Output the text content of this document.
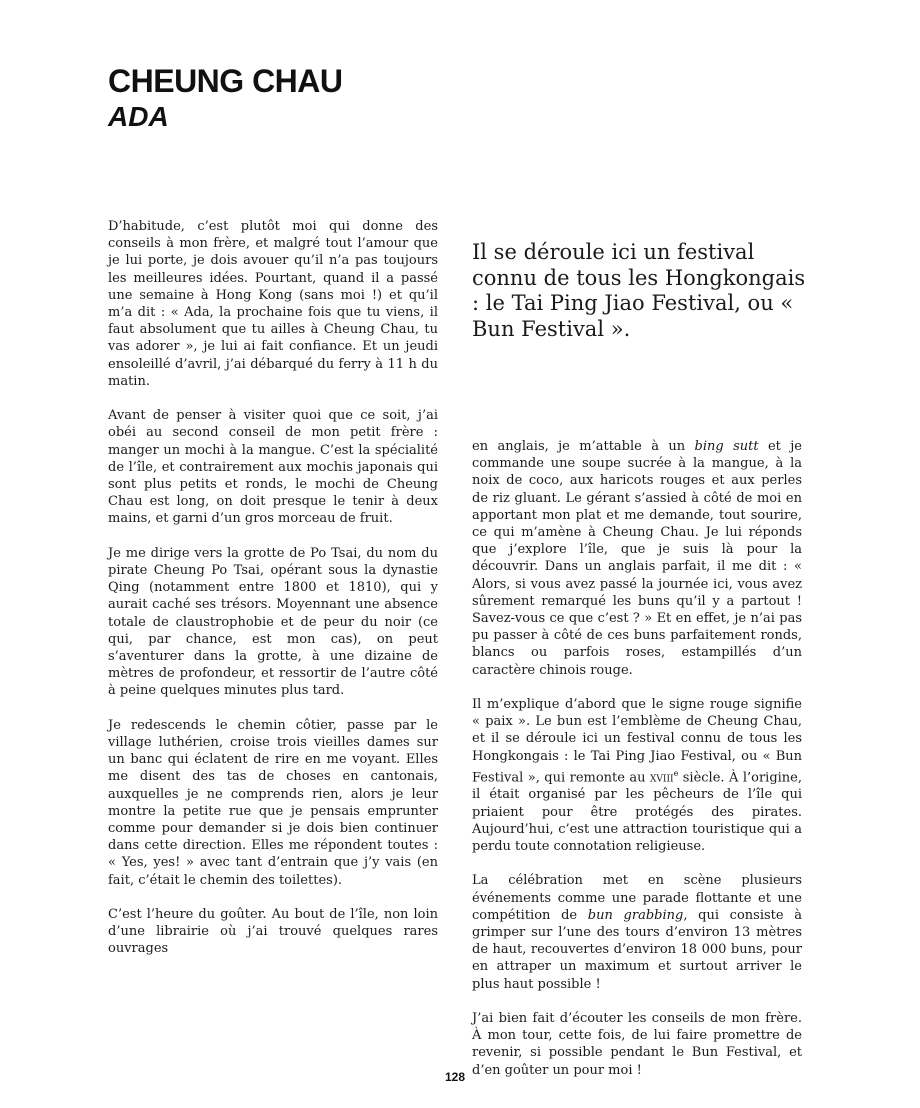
CHEUNG CHAU
ADA

D’habitude, c’est plutôt moi qui donne des conseils à mon frère, et malgré tout l’amour que je lui porte, je dois avouer qu’il n’a pas toujours les meilleures idées. Pourtant, quand il a passé une semaine à Hong Kong (sans moi !) et qu’il m’a dit : « Ada, la prochaine fois que tu viens, il faut absolument que tu ailles à Cheung Chau, tu vas adorer », je lui ai fait confiance. Et un jeudi ensoleillé d’avril, j’ai débarqué du ferry à 11 h du matin.

Avant de penser à visiter quoi que ce soit, j’ai obéi au second conseil de mon petit frère : manger un mochi à la mangue. C’est la spécialité de l’île, et contrairement aux mochis japonais qui sont plus petits et ronds, le mochi de Cheung Chau est long, on doit presque le tenir à deux mains, et garni d’un gros morceau de fruit.

Je me dirige vers la grotte de Po Tsai, du nom du pirate Cheung Po Tsai, opérant sous la dynastie Qing (notamment entre 1800 et 1810), qui y aurait caché ses trésors. Moyennant une absence totale de claustrophobie et de peur du noir (ce qui, par chance, est mon cas), on peut s’aventurer dans la grotte, à une dizaine de mètres de profondeur, et ressortir de l’autre côté à peine quelques minutes plus tard.

Je redescends le chemin côtier, passe par le village luthérien, croise trois vieilles dames sur un banc qui éclatent de rire en me voyant. Elles me disent des tas de choses en cantonais, auxquelles je ne comprends rien, alors je leur montre la petite rue que je pensais emprunter comme pour demander si je dois bien continuer dans cette direction. Elles me répondent toutes : « Yes, yes! » avec tant d’entrain que j’y vais (en fait, c’était le chemin des toilettes).

C’est l’heure du goûter. Au bout de l’île, non loin d’une librairie où j’ai trouvé quelques rares ouvrages

Il se déroule ici un festival connu de tous les Hongkongais : le Tai Ping Jiao Festival, ou « Bun Festival ».

en anglais, je m’attable à un bing sutt et je commande une soupe sucrée à la mangue, à la noix de coco, aux haricots rouges et aux perles de riz gluant. Le gérant s’assied à côté de moi en apportant mon plat et me demande, tout sourire, ce qui m’amène à Cheung Chau. Je lui réponds que j’explore l’île, que je suis là pour la découvrir. Dans un anglais parfait, il me dit : « Alors, si vous avez passé la journée ici, vous avez sûrement remarqué les buns qu’il y a partout ! Savez-vous ce que c’est ? » Et en effet, je n’ai pas pu passer à côté de ces buns parfaitement ronds, blancs ou parfois roses, estampillés d’un caractère chinois rouge.

Il m’explique d’abord que le signe rouge signifie « paix ». Le bun est l’emblème de Cheung Chau, et il se déroule ici un festival connu de tous les Hongkongais : le Tai Ping Jiao Festival, ou « Bun Festival », qui remonte au xviii$^e$ siècle. À l’origine, il était organisé par les pêcheurs de l’île qui priaient pour être protégés des pirates. Aujourd’hui, c’est une attraction touristique qui a perdu toute connotation religieuse.

La célébration met en scène plusieurs événements comme une parade flottante et une compétition de bun grabbing, qui consiste à grimper sur l’une des tours d’environ 13 mètres de haut, recouvertes d’environ 18 000 buns, pour en attraper un maximum et surtout arriver le plus haut possible !

J’ai bien fait d’écouter les conseils de mon frère. À mon tour, cette fois, de lui faire promettre de revenir, si possible pendant le Bun Festival, et d’en goûter un pour moi !

128
